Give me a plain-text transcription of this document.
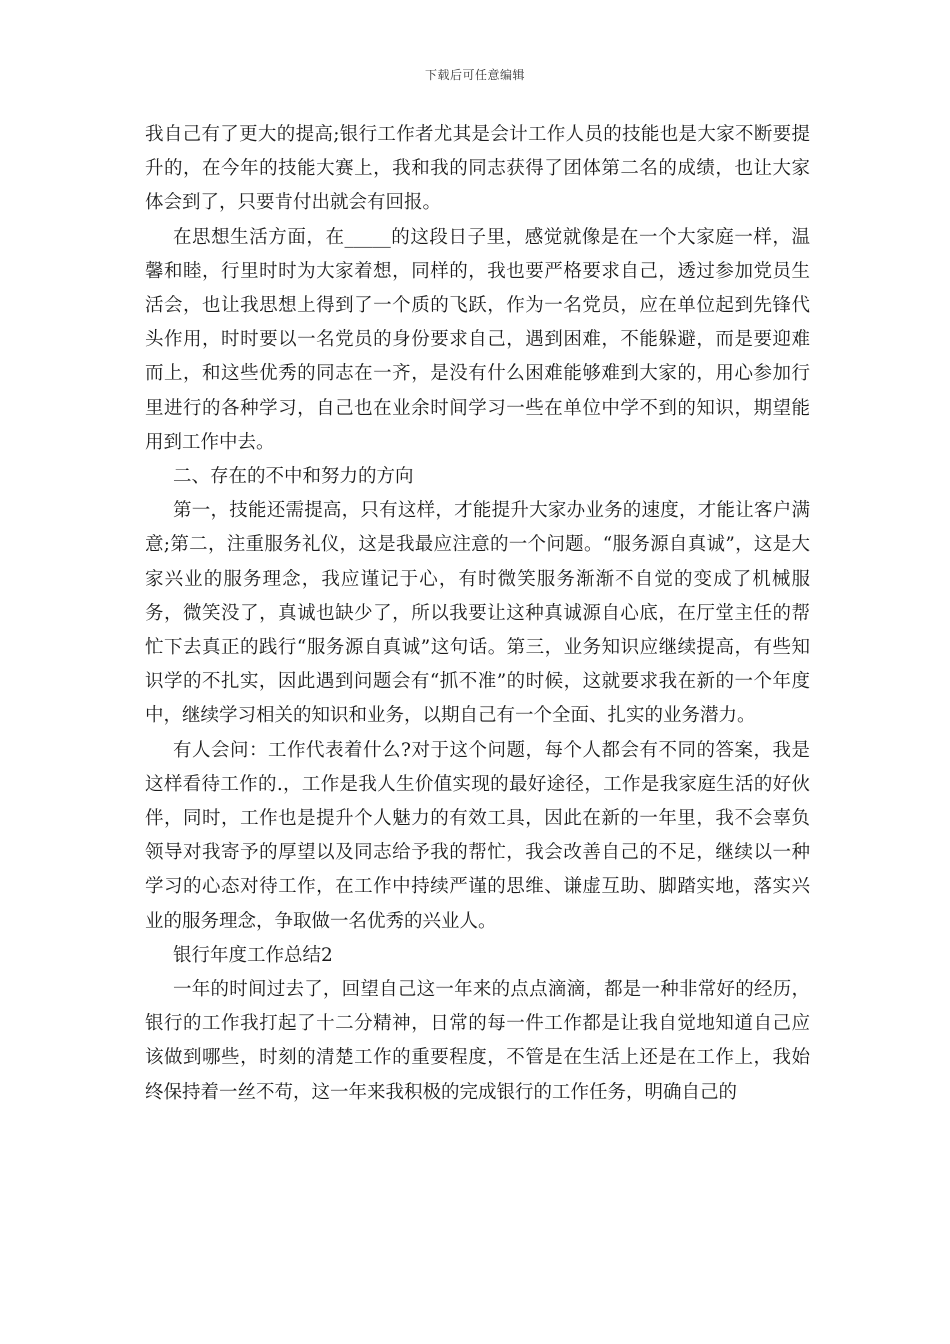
下载后可任意编辑

我自己有了更大的提高;银行工作者尤其是会计工作人员的技能也是大家不断要提升的，在今年的技能大赛上，我和我的同志获得了团体第二名的成绩，也让大家体会到了，只要肯付出就会有回报。

在思想生活方面，在_____的这段日子里，感觉就像是在一个大家庭一样，温馨和睦，行里时时为大家着想，同样的，我也要严格要求自己，透过参加党员生活会，也让我思想上得到了一个质的飞跃，作为一名党员，应在单位起到先锋代头作用，时时要以一名党员的身份要求自己，遇到困难，不能躲避，而是要迎难而上，和这些优秀的同志在一齐，是没有什么困难能够难到大家的，用心参加行里进行的各种学习，自己也在业余时间学习一些在单位中学不到的知识，期望能用到工作中去。

二、存在的不中和努力的方向

第一，技能还需提高，只有这样，才能提升大家办业务的速度，才能让客户满意;第二，注重服务礼仪，这是我最应注意的一个问题。“服务源自真诚”，这是大家兴业的服务理念，我应谨记于心，有时微笑服务渐渐不自觉的变成了机械服务，微笑没了，真诚也缺少了，所以我要让这种真诚源自心底，在厅堂主任的帮忙下去真正的践行“服务源自真诚”这句话。第三，业务知识应继续提高，有些知识学的不扎实，因此遇到问题会有“抓不准”的时候，这就要求我在新的一个年度中，继续学习相关的知识和业务，以期自己有一个全面、扎实的业务潜力。

有人会问：工作代表着什么?对于这个问题，每个人都会有不同的答案，我是这样看待工作的.，工作是我人生价值实现的最好途径，工作是我家庭生活的好伙伴，同时，工作也是提升个人魅力的有效工具，因此在新的一年里，我不会辜负领导对我寄予的厚望以及同志给予我的帮忙，我会改善自己的不足，继续以一种学习的心态对待工作，在工作中持续严谨的思维、谦虚互助、脚踏实地，落实兴业的服务理念，争取做一名优秀的兴业人。

银行年度工作总结2

一年的时间过去了，回望自己这一年来的点点滴滴，都是一种非常好的经历，银行的工作我打起了十二分精神，日常的每一件工作都是让我自觉地知道自己应该做到哪些，时刻的清楚工作的重要程度，不管是在生活上还是在工作上，我始终保持着一丝不苟，这一年来我积极的完成银行的工作任务，明确自己的
